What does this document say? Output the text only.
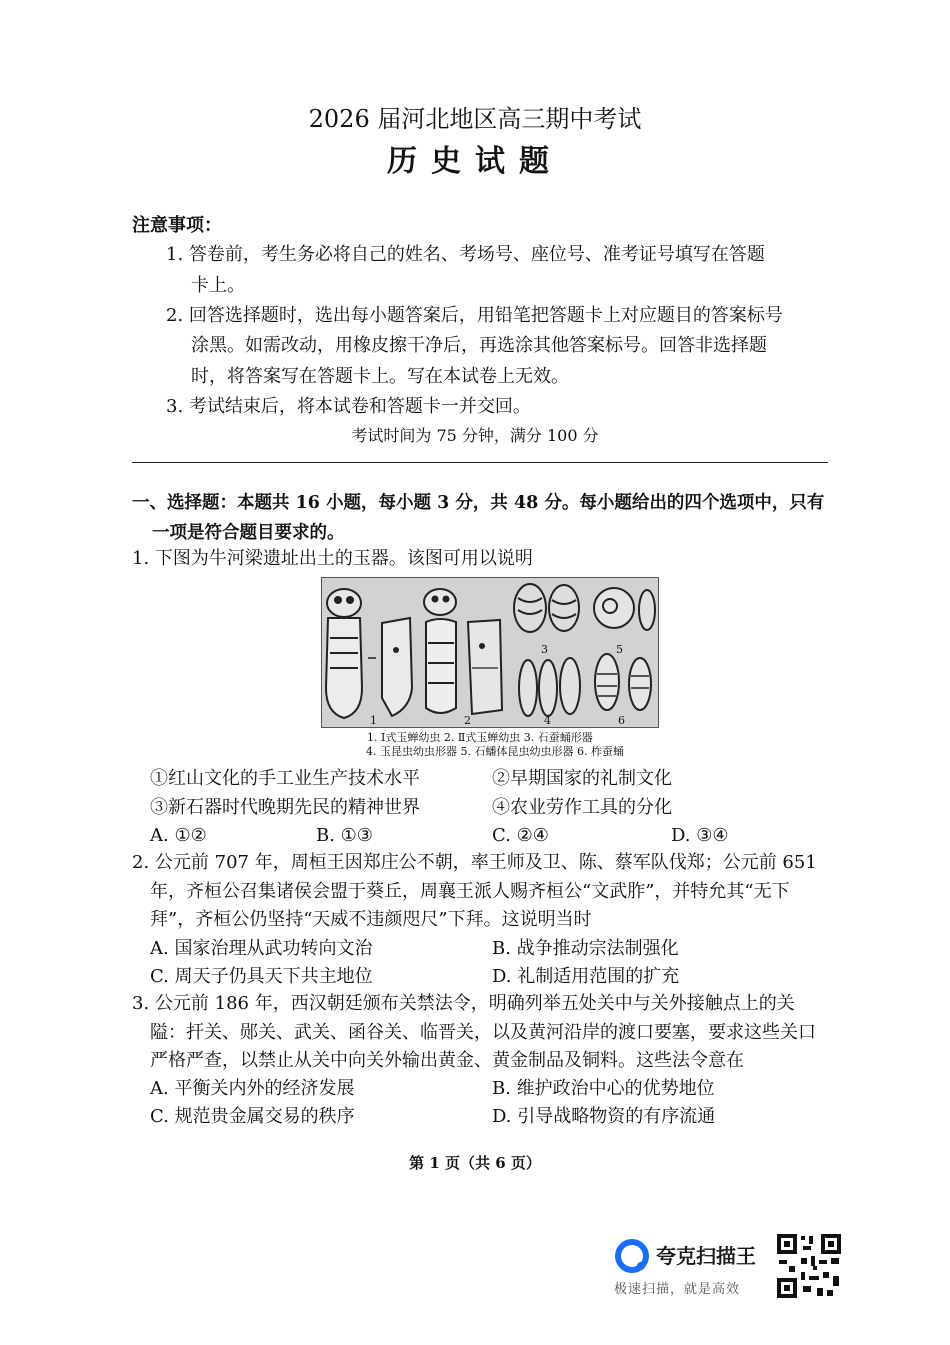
2026 届河北地区高三期中考试
历史试题
注意事项：
1. 答卷前，考生务必将自己的姓名、考场号、座位号、准考证号填写在答题
卡上。
2. 回答选择题时，选出每小题答案后，用铅笔把答题卡上对应题目的答案标号
涂黑。如需改动，用橡皮擦干净后，再选涂其他答案标号。回答非选择题
时，将答案写在答题卡上。写在本试卷上无效。
3. 考试结束后，将本试卷和答题卡一并交回。
考试时间为 75 分钟，满分 100 分
一、选择题：本题共 16 小题，每小题 3 分，共 48 分。每小题给出的四个选项中，只有
一项是符合题目要求的。
1. 下图为牛河梁遗址出土的玉器。该图可用以说明
1	2
3
4
5
6
1. Ⅰ式玉蝉幼虫 2. Ⅱ式玉蝉幼虫 3. 石蚕蛹形器
4. 玉昆虫幼虫形器 5. 石蟠体昆虫幼虫形器 6. 柞蚕蛹
①红山文化的手工业生产技术水平	②早期国家的礼制文化
③新石器时代晚期先民的精神世界	④农业劳作工具的分化
A. ①②	B. ①③	C. ②④	D. ③④
2. 公元前 707 年，周桓王因郑庄公不朝，率王师及卫、陈、蔡军队伐郑；公元前 651
年，齐桓公召集诸侯会盟于葵丘，周襄王派人赐齐桓公“文武胙”，并特允其“无下
拜”，齐桓公仍坚持“天威不违颜咫尺”下拜。这说明当时
A. 国家治理从武功转向文治	B. 战争推动宗法制强化
C. 周天子仍具天下共主地位	D. 礼制适用范围的扩充
3. 公元前 186 年，西汉朝廷颁布关禁法令，明确列举五处关中与关外接触点上的关
隘：扞关、郧关、武关、函谷关、临晋关，以及黄河沿岸的渡口要塞，要求这些关口
严格严查，以禁止从关中向关外输出黄金、黄金制品及铜料。这些法令意在
A. 平衡关内外的经济发展	B. 维护政治中心的优势地位
C. 规范贵金属交易的秩序	D. 引导战略物资的有序流通
第 1 页（共 6 页）
夸克扫描王
极速扫描，就是高效
